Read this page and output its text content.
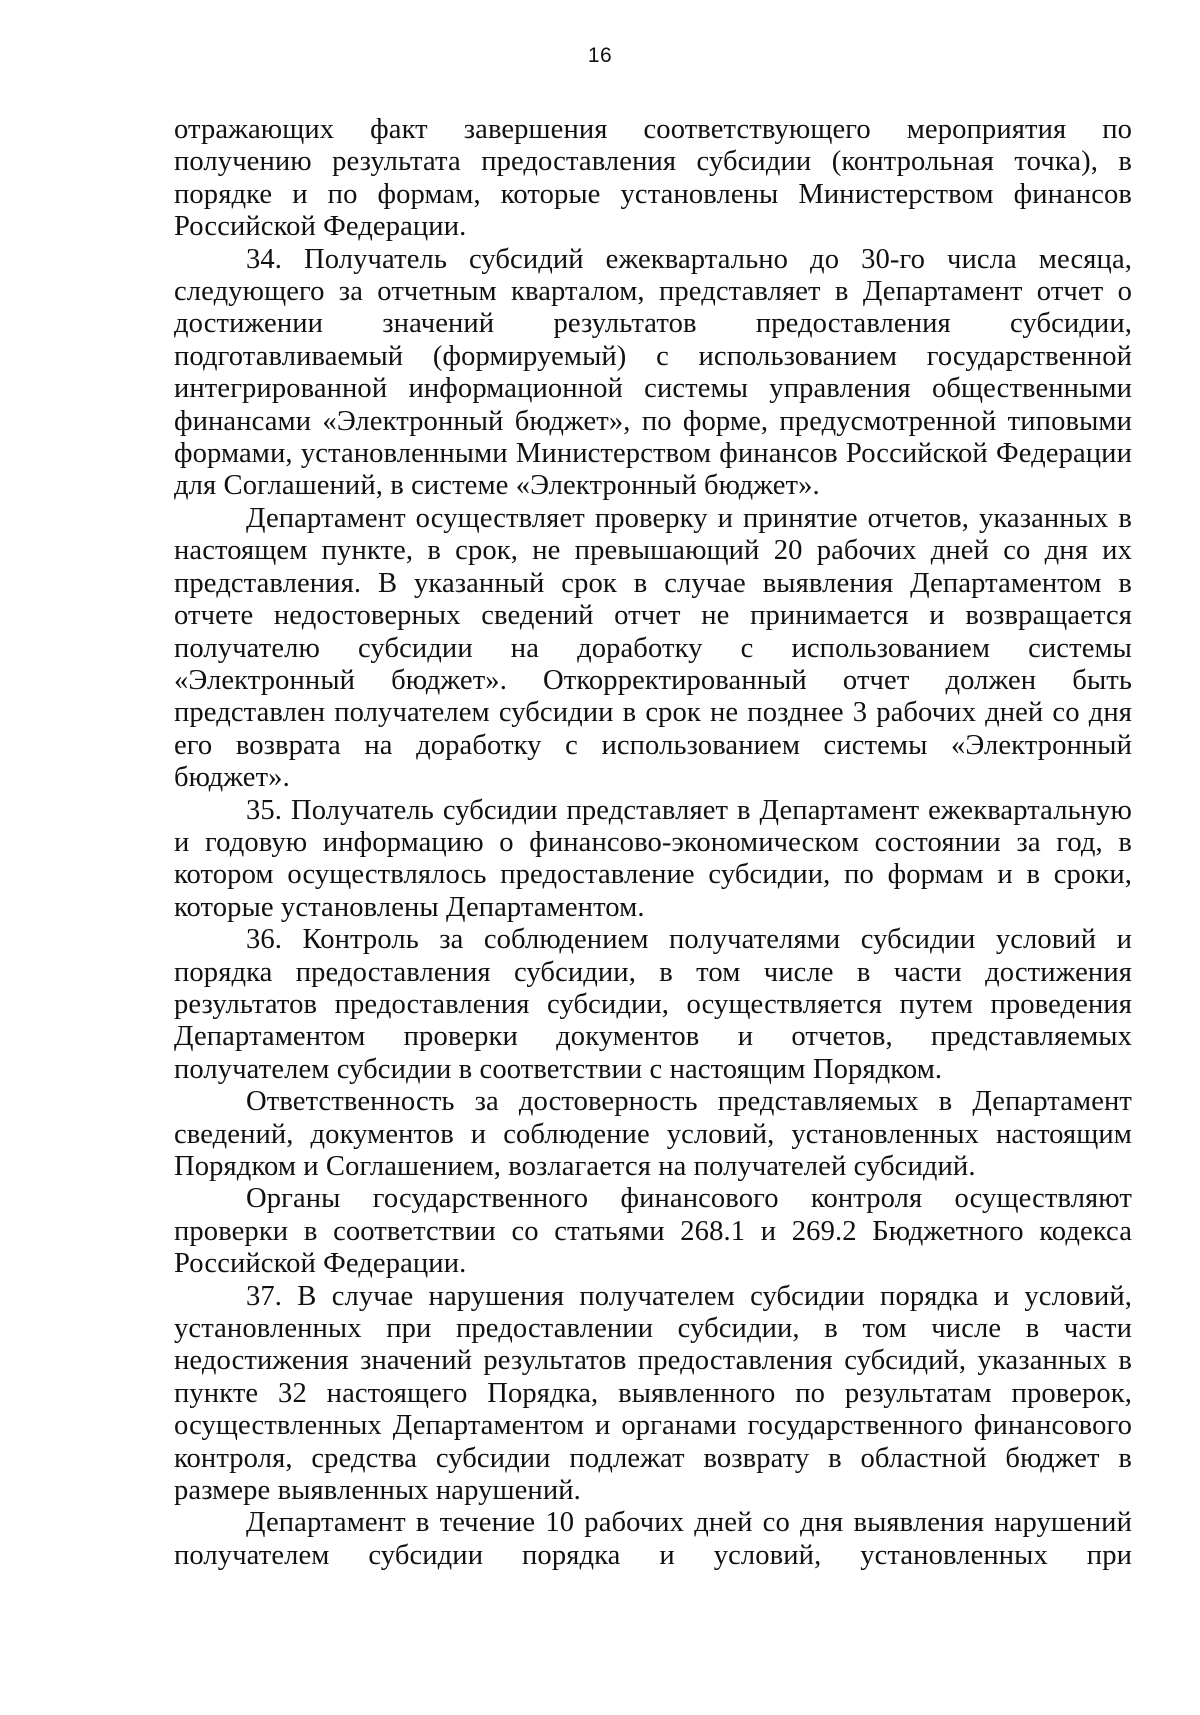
16

отражающих факт завершения соответствующего мероприятия по получению результата предоставления субсидии (контрольная точка), в порядке и по формам, которые установлены Министерством финансов Российской Федерации.

34. Получатель субсидий ежеквартально до 30-го числа месяца, следующего за отчетным кварталом, представляет в Департамент отчет о достижении значений результатов предоставления субсидии, подготавливаемый (формируемый) с использованием государственной интегрированной информационной системы управления общественными финансами «Электронный бюджет», по форме, предусмотренной типовыми формами, установленными Министерством финансов Российской Федерации для Соглашений, в системе «Электронный бюджет».

Департамент осуществляет проверку и принятие отчетов, указанных в настоящем пункте, в срок, не превышающий 20 рабочих дней со дня их представления. В указанный срок в случае выявления Департаментом в отчете недостоверных сведений отчет не принимается и возвращается получателю субсидии на доработку с использованием системы «Электронный бюджет». Откорректированный отчет должен быть представлен получателем субсидии в срок не позднее 3 рабочих дней со дня его возврата на доработку с использованием системы «Электронный бюджет».

35. Получатель субсидии представляет в Департамент ежеквартальную и годовую информацию о финансово-экономическом состоянии за год, в котором осуществлялось предоставление субсидии, по формам и в сроки, которые установлены Департаментом.

36. Контроль за соблюдением получателями субсидии условий и порядка предоставления субсидии, в том числе в части достижения результатов предоставления субсидии, осуществляется путем проведения Департаментом проверки документов и отчетов, представляемых получателем субсидии в соответствии с настоящим Порядком.

Ответственность за достоверность представляемых в Департамент сведений, документов и соблюдение условий, установленных настоящим Порядком и Соглашением, возлагается на получателей субсидий.

Органы государственного финансового контроля осуществляют проверки в соответствии со статьями 268.1 и 269.2 Бюджетного кодекса Российской Федерации.

37. В случае нарушения получателем субсидии порядка и условий, установленных при предоставлении субсидии, в том числе в части недостижения значений результатов предоставления субсидий, указанных в пункте 32 настоящего Порядка, выявленного по результатам проверок, осуществленных Департаментом и органами государственного финансового контроля, средства субсидии подлежат возврату в областной бюджет в размере выявленных нарушений.

Департамент в течение 10 рабочих дней со дня выявления нарушений получателем субсидии порядка и условий, установленных при
